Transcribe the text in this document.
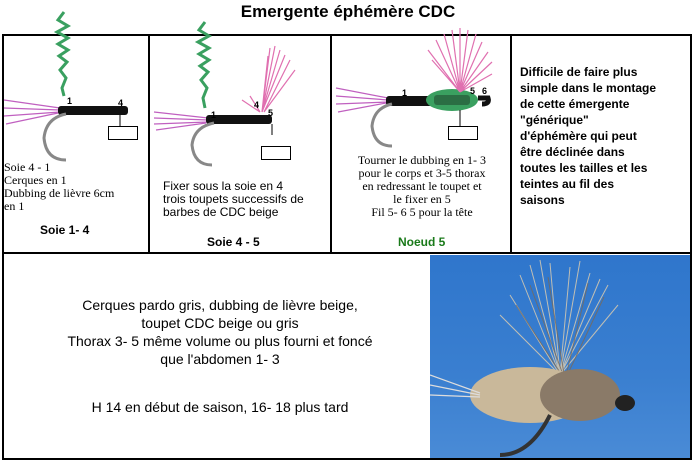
Emergente éphémère CDC
1	4
Soie 4 - 1
Cerques en 1
Dubbing de lièvre 6cm
en 1
Soie 1- 4
1
4
5
Fixer sous la soie en 4
trois toupets successifs de
barbes de CDC beige
Soie 4 - 5
1	5 6
Tourner le dubbing en 1- 3
pour le corps et 3-5 thorax
en redressant le toupet et
le fixer en 5
Fil 5- 6 5 pour la tête
Noeud 5
Difficile de faire plus
simple dans le montage
de cette émergente
"générique"
d'éphémère qui peut
être déclinée dans
toutes les tailles et les
teintes au fil des
saisons
Cerques pardo gris, dubbing de lièvre beige,
toupet CDC beige ou gris
Thorax 3- 5 même volume ou plus fourni et foncé
que l'abdomen 1- 3
H 14 en début de saison, 16- 18 plus tard
